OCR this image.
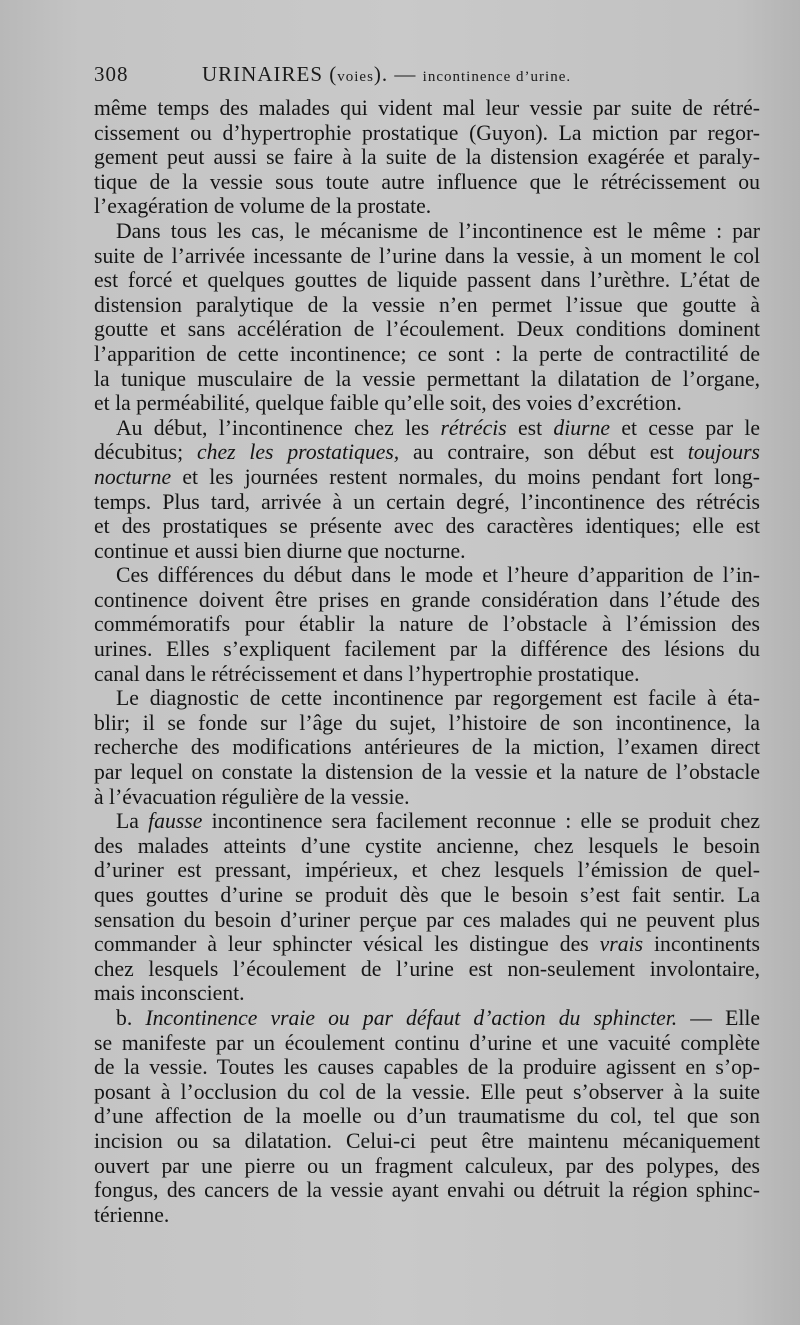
308	URINAIRES (voies). — incontinence d’urine.
même temps des malades qui vident mal leur vessie par suite de rétré-
cissement ou d’hypertrophie prostatique (Guyon). La miction par regor-
gement peut aussi se faire à la suite de la distension exagérée et paraly-
tique de la vessie sous toute autre influence que le rétrécissement ou
l’exagération de volume de la prostate.
Dans tous les cas, le mécanisme de l’incontinence est le même : par
suite de l’arrivée incessante de l’urine dans la vessie, à un moment le col
est forcé et quelques gouttes de liquide passent dans l’urèthre. L’état de
distension paralytique de la vessie n’en permet l’issue que goutte à
goutte et sans accélération de l’écoulement. Deux conditions dominent
l’apparition de cette incontinence; ce sont : la perte de contractilité de
la tunique musculaire de la vessie permettant la dilatation de l’organe,
et la perméabilité, quelque faible qu’elle soit, des voies d’excrétion.
Au début, l’incontinence chez les rétrécis est diurne et cesse par le
décubitus; chez les prostatiques, au contraire, son début est toujours
nocturne et les journées restent normales, du moins pendant fort long-
temps. Plus tard, arrivée à un certain degré, l’incontinence des rétrécis
et des prostatiques se présente avec des caractères identiques; elle est
continue et aussi bien diurne que nocturne.
Ces différences du début dans le mode et l’heure d’apparition de l’in-
continence doivent être prises en grande considération dans l’étude des
commémoratifs pour établir la nature de l’obstacle à l’émission des
urines. Elles s’expliquent facilement par la différence des lésions du
canal dans le rétrécissement et dans l’hypertrophie prostatique.
Le diagnostic de cette incontinence par regorgement est facile à éta-
blir; il se fonde sur l’âge du sujet, l’histoire de son incontinence, la
recherche des modifications antérieures de la miction, l’examen direct
par lequel on constate la distension de la vessie et la nature de l’obstacle
à l’évacuation régulière de la vessie.
La fausse incontinence sera facilement reconnue : elle se produit chez
des malades atteints d’une cystite ancienne, chez lesquels le besoin
d’uriner est pressant, impérieux, et chez lesquels l’émission de quel-
ques gouttes d’urine se produit dès que le besoin s’est fait sentir. La
sensation du besoin d’uriner perçue par ces malades qui ne peuvent plus
commander à leur sphincter vésical les distingue des vrais incontinents
chez lesquels l’écoulement de l’urine est non-seulement involontaire,
mais inconscient.
b. Incontinence vraie ou par défaut d’action du sphincter. — Elle
se manifeste par un écoulement continu d’urine et une vacuité complète
de la vessie. Toutes les causes capables de la produire agissent en s’op-
posant à l’occlusion du col de la vessie. Elle peut s’observer à la suite
d’une affection de la moelle ou d’un traumatisme du col, tel que son
incision ou sa dilatation. Celui-ci peut être maintenu mécaniquement
ouvert par une pierre ou un fragment calculeux, par des polypes, des
fongus, des cancers de la vessie ayant envahi ou détruit la région sphinc-
térienne.
